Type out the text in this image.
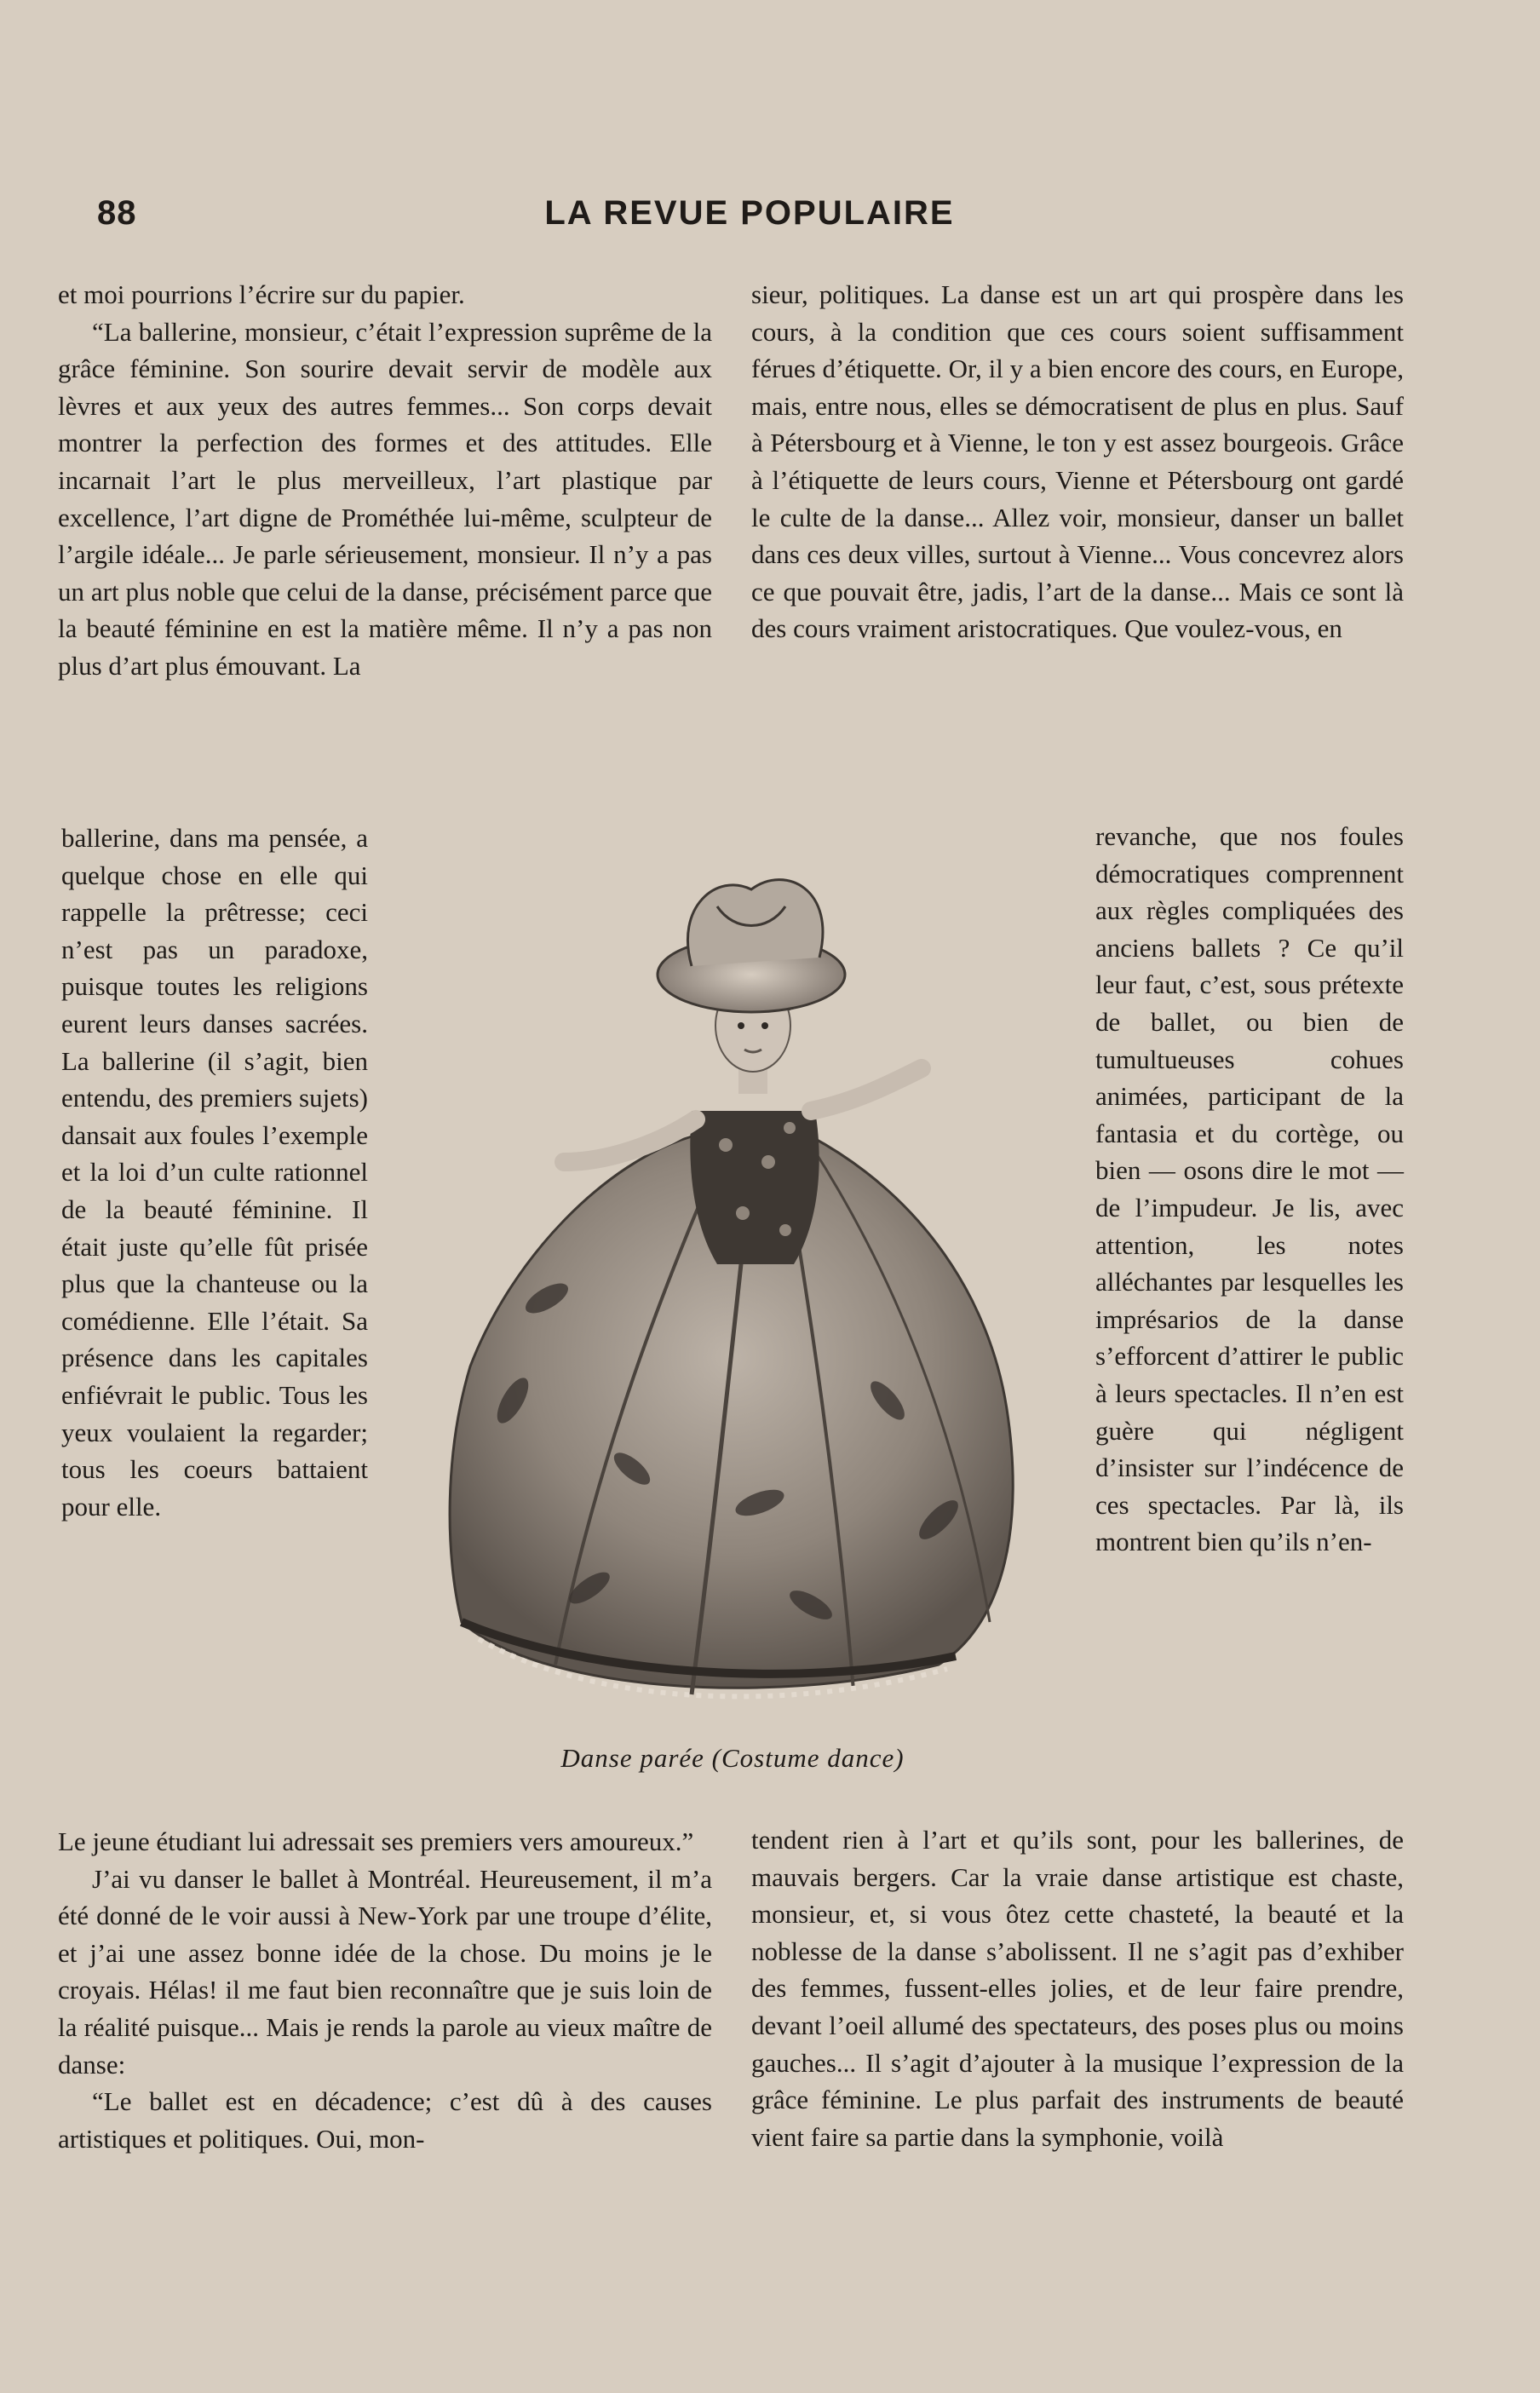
88	LA REVUE POPULAIRE

et moi pourrions l’écrire sur du papier.

“La ballerine, monsieur, c’était l’expression suprême de la grâce féminine. Son sourire devait servir de modèle aux lèvres et aux yeux des autres femmes... Son corps devait montrer la perfection des formes et des attitudes. Elle incarnait l’art le plus merveilleux, l’art plastique par excellence, l’art digne de Prométhée lui-même, sculpteur de l’argile idéale... Je parle sérieusement, monsieur. Il n’y a pas un art plus noble que celui de la danse, précisément parce que la beauté féminine en est la matière même. Il n’y a pas non plus d’art plus émouvant. La

ballerine, dans ma pensée, a quelque chose en elle qui rappelle la prêtresse; ceci n’est pas un paradoxe, puisque toutes les religions eurent leurs danses sacrées. La ballerine (il s’agit, bien entendu, des premiers sujets) dansait aux foules l’exemple et la loi d’un culte rationnel de la beauté féminine. Il était juste qu’elle fût prisée plus que la chanteuse ou la comédienne. Elle l’était. Sa présence dans les capitales enfiévrait le public. Tous les yeux voulaient la regarder; tous les coeurs battaient pour elle.

Le jeune étudiant lui adressait ses premiers vers amoureux.”

J’ai vu danser le ballet à Montréal. Heureusement, il m’a été donné de le voir aussi à New-York par une troupe d’élite, et j’ai une assez bonne idée de la chose. Du moins je le croyais. Hélas! il me faut bien reconnaître que je suis loin de la réalité puisque... Mais je rends la parole au vieux maître de danse:

“Le ballet est en décadence; c’est dû à des causes artistiques et politiques. Oui, mon-

sieur, politiques. La danse est un art qui prospère dans les cours, à la condition que ces cours soient suffisamment férues d’étiquette. Or, il y a bien encore des cours, en Europe, mais, entre nous, elles se démocratisent de plus en plus. Sauf à Pétersbourg et à Vienne, le ton y est assez bourgeois. Grâce à l’étiquette de leurs cours, Vienne et Pétersbourg ont gardé le culte de la danse... Allez voir, monsieur, danser un ballet dans ces deux villes, surtout à Vienne... Vous concevrez alors ce que pouvait être, jadis, l’art de la danse... Mais ce sont là des cours vraiment aristocratiques. Que voulez-vous, en

revanche, que nos foules démocratiques comprennent aux règles compliquées des anciens ballets ? Ce qu’il leur faut, c’est, sous prétexte de ballet, ou bien de tumultueuses cohues animées, participant de la fantasia et du cortège, ou bien — osons dire le mot — de l’impudeur. Je lis, avec attention, les notes alléchantes par lesquelles les imprésarios de la danse s’efforcent d’attirer le public à leurs spectacles. Il n’en est guère qui négligent d’insister sur l’indécence de ces spectacles. Par là, ils montrent bien qu’ils n’en-

tendent rien à l’art et qu’ils sont, pour les ballerines, de mauvais bergers. Car la vraie danse artistique est chaste, monsieur, et, si vous ôtez cette chasteté, la beauté et la noblesse de la danse s’abolissent. Il ne s’agit pas d’exhiber des femmes, fussent-elles jolies, et de leur faire prendre, devant l’oeil allumé des spectateurs, des poses plus ou moins gauches... Il s’agit d’ajouter à la musique l’expression de la grâce féminine. Le plus parfait des instruments de beauté vient faire sa partie dans la symphonie, voilà

Danse parée (Costume dance)
